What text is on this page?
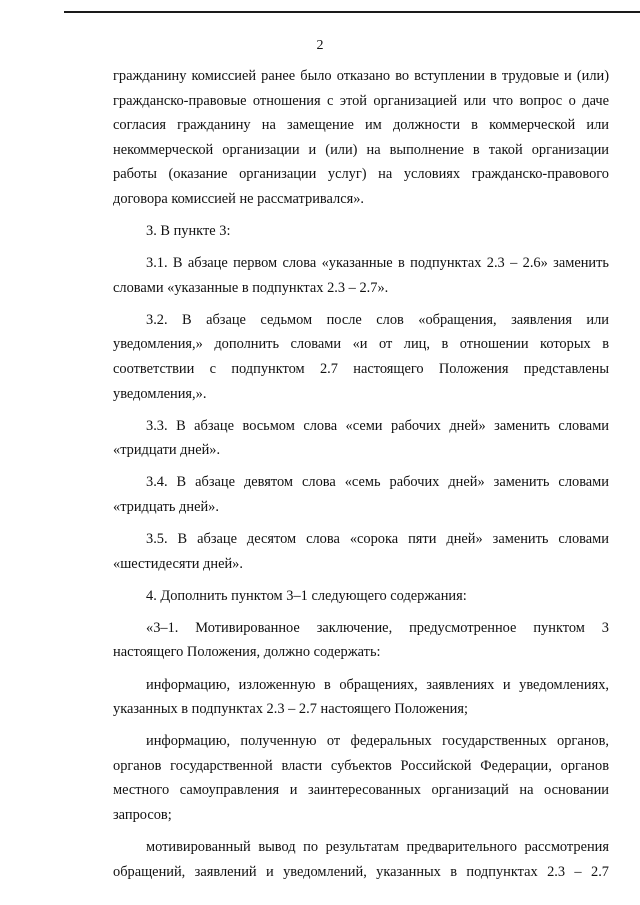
2

гражданину комиссией ранее было отказано во вступлении в трудовые и (или) гражданско-правовые отношения с этой организацией или что вопрос о даче согласия гражданину на замещение им должности в коммерческой или некоммерческой организации и (или) на выполнение в такой организации работы (оказание организации услуг) на условиях гражданско-правового договора комиссией не рассматривался».

3. В пункте 3:

3.1. В абзаце первом слова «указанные в подпунктах 2.3 – 2.6» заменить словами «указанные в подпунктах 2.3 – 2.7».

3.2. В абзаце седьмом после слов «обращения, заявления или уведомления,» дополнить словами «и от лиц, в отношении которых в соответствии с подпунктом 2.7 настоящего Положения представлены уведомления,».

3.3. В абзаце восьмом слова «семи рабочих дней» заменить словами «тридцати дней».

3.4. В абзаце девятом слова «семь рабочих дней» заменить словами «тридцать дней».

3.5. В абзаце десятом слова «сорока пяти дней» заменить словами «шестидесяти дней».

4. Дополнить пунктом 3–1 следующего содержания:

«3–1. Мотивированное заключение, предусмотренное пунктом 3 настоящего Положения, должно содержать:

информацию, изложенную в обращениях, заявлениях и уведомлениях, указанных в подпунктах 2.3 – 2.7 настоящего Положения;

информацию, полученную от федеральных государственных органов, органов государственной власти субъектов Российской Федерации, органов местного самоуправления и заинтересованных организаций на основании запросов;

мотивированный вывод по результатам предварительного рассмотрения обращений, заявлений и уведомлений, указанных в подпунктах 2.3 – 2.7
